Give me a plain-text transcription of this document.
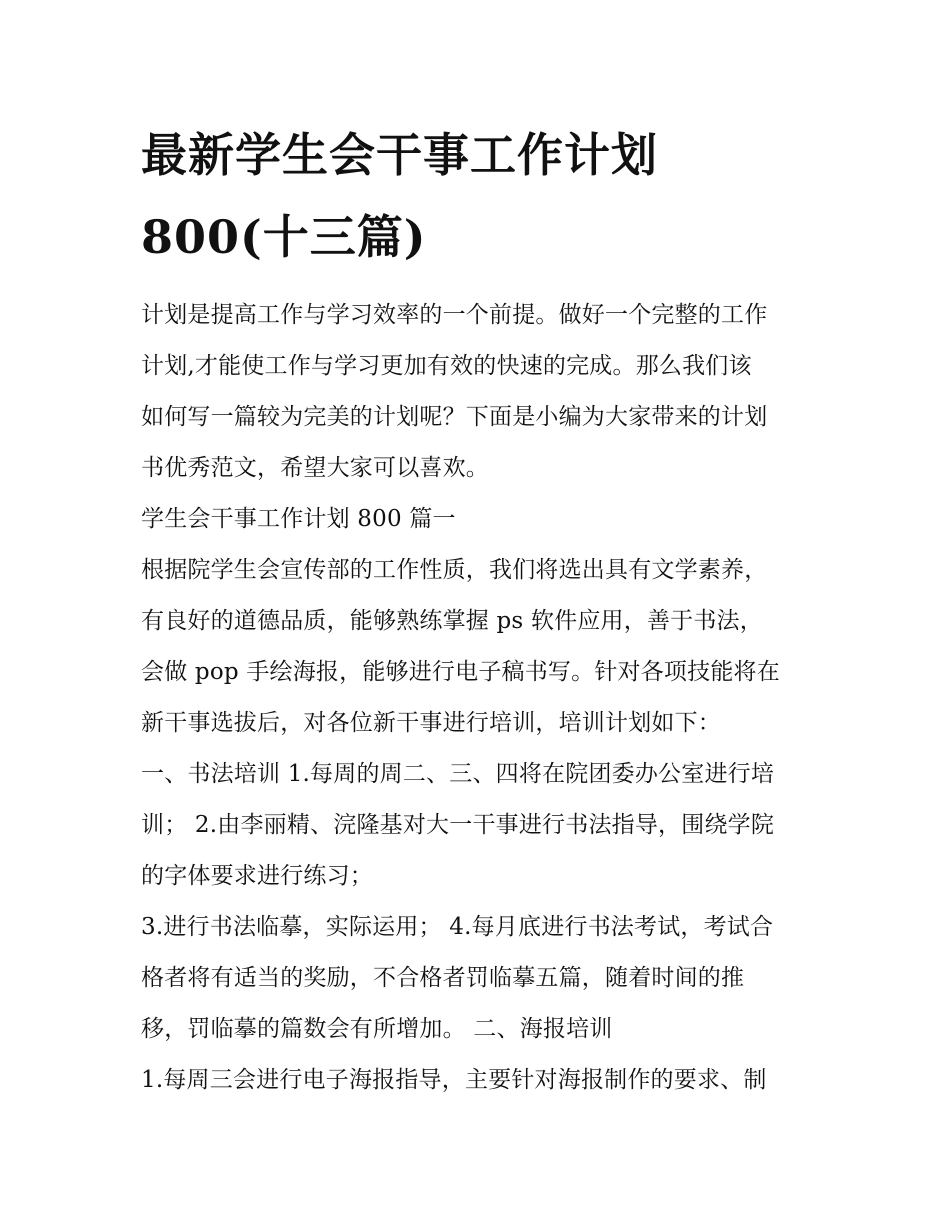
最新学生会干事工作计划
800(十三篇)
计划是提高工作与学习效率的一个前提。做好一个完整的工作
计划,才能使工作与学习更加有效的快速的完成。那么我们该
如何写一篇较为完美的计划呢？下面是小编为大家带来的计划
书优秀范文，希望大家可以喜欢。
学生会干事工作计划 800 篇一
根据院学生会宣传部的工作性质，我们将选出具有文学素养，
有良好的道德品质，能够熟练掌握 ps 软件应用，善于书法，
会做 pop 手绘海报，能够进行电子稿书写。针对各项技能将在
新干事选拔后，对各位新干事进行培训，培训计划如下：
一、书法培训 1.每周的周二、三、四将在院团委办公室进行培
训； 2.由李丽精、浣隆基对大一干事进行书法指导，围绕学院
的字体要求进行练习；
3.进行书法临摹，实际运用； 4.每月底进行书法考试，考试合
格者将有适当的奖励，不合格者罚临摹五篇，随着时间的推
移，罚临摹的篇数会有所增加。 二、海报培训
1.每周三会进行电子海报指导，主要针对海报制作的要求、制
